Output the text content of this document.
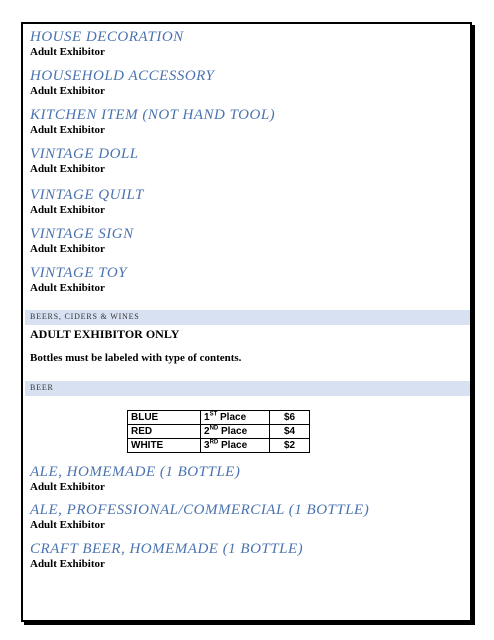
HOUSE DECORATION
Adult Exhibitor
HOUSEHOLD ACCESSORY
Adult Exhibitor
KITCHEN ITEM (NOT HAND TOOL)
Adult Exhibitor
VINTAGE DOLL
Adult Exhibitor
VINTAGE QUILT
Adult Exhibitor
VINTAGE SIGN
Adult Exhibitor
VINTAGE TOY
Adult Exhibitor
BEERS, CIDERS & WINES
ADULT EXHIBITOR ONLY
Bottles must be labeled with type of contents.
BEER
BLUE	1ST Place	$6
RED	2ND Place	$4
WHITE	3RD Place	$2
ALE, HOMEMADE (1 BOTTLE)
Adult Exhibitor
ALE, PROFESSIONAL/COMMERCIAL (1 BOTTLE)
Adult Exhibitor
CRAFT BEER, HOMEMADE (1 BOTTLE)
Adult Exhibitor
